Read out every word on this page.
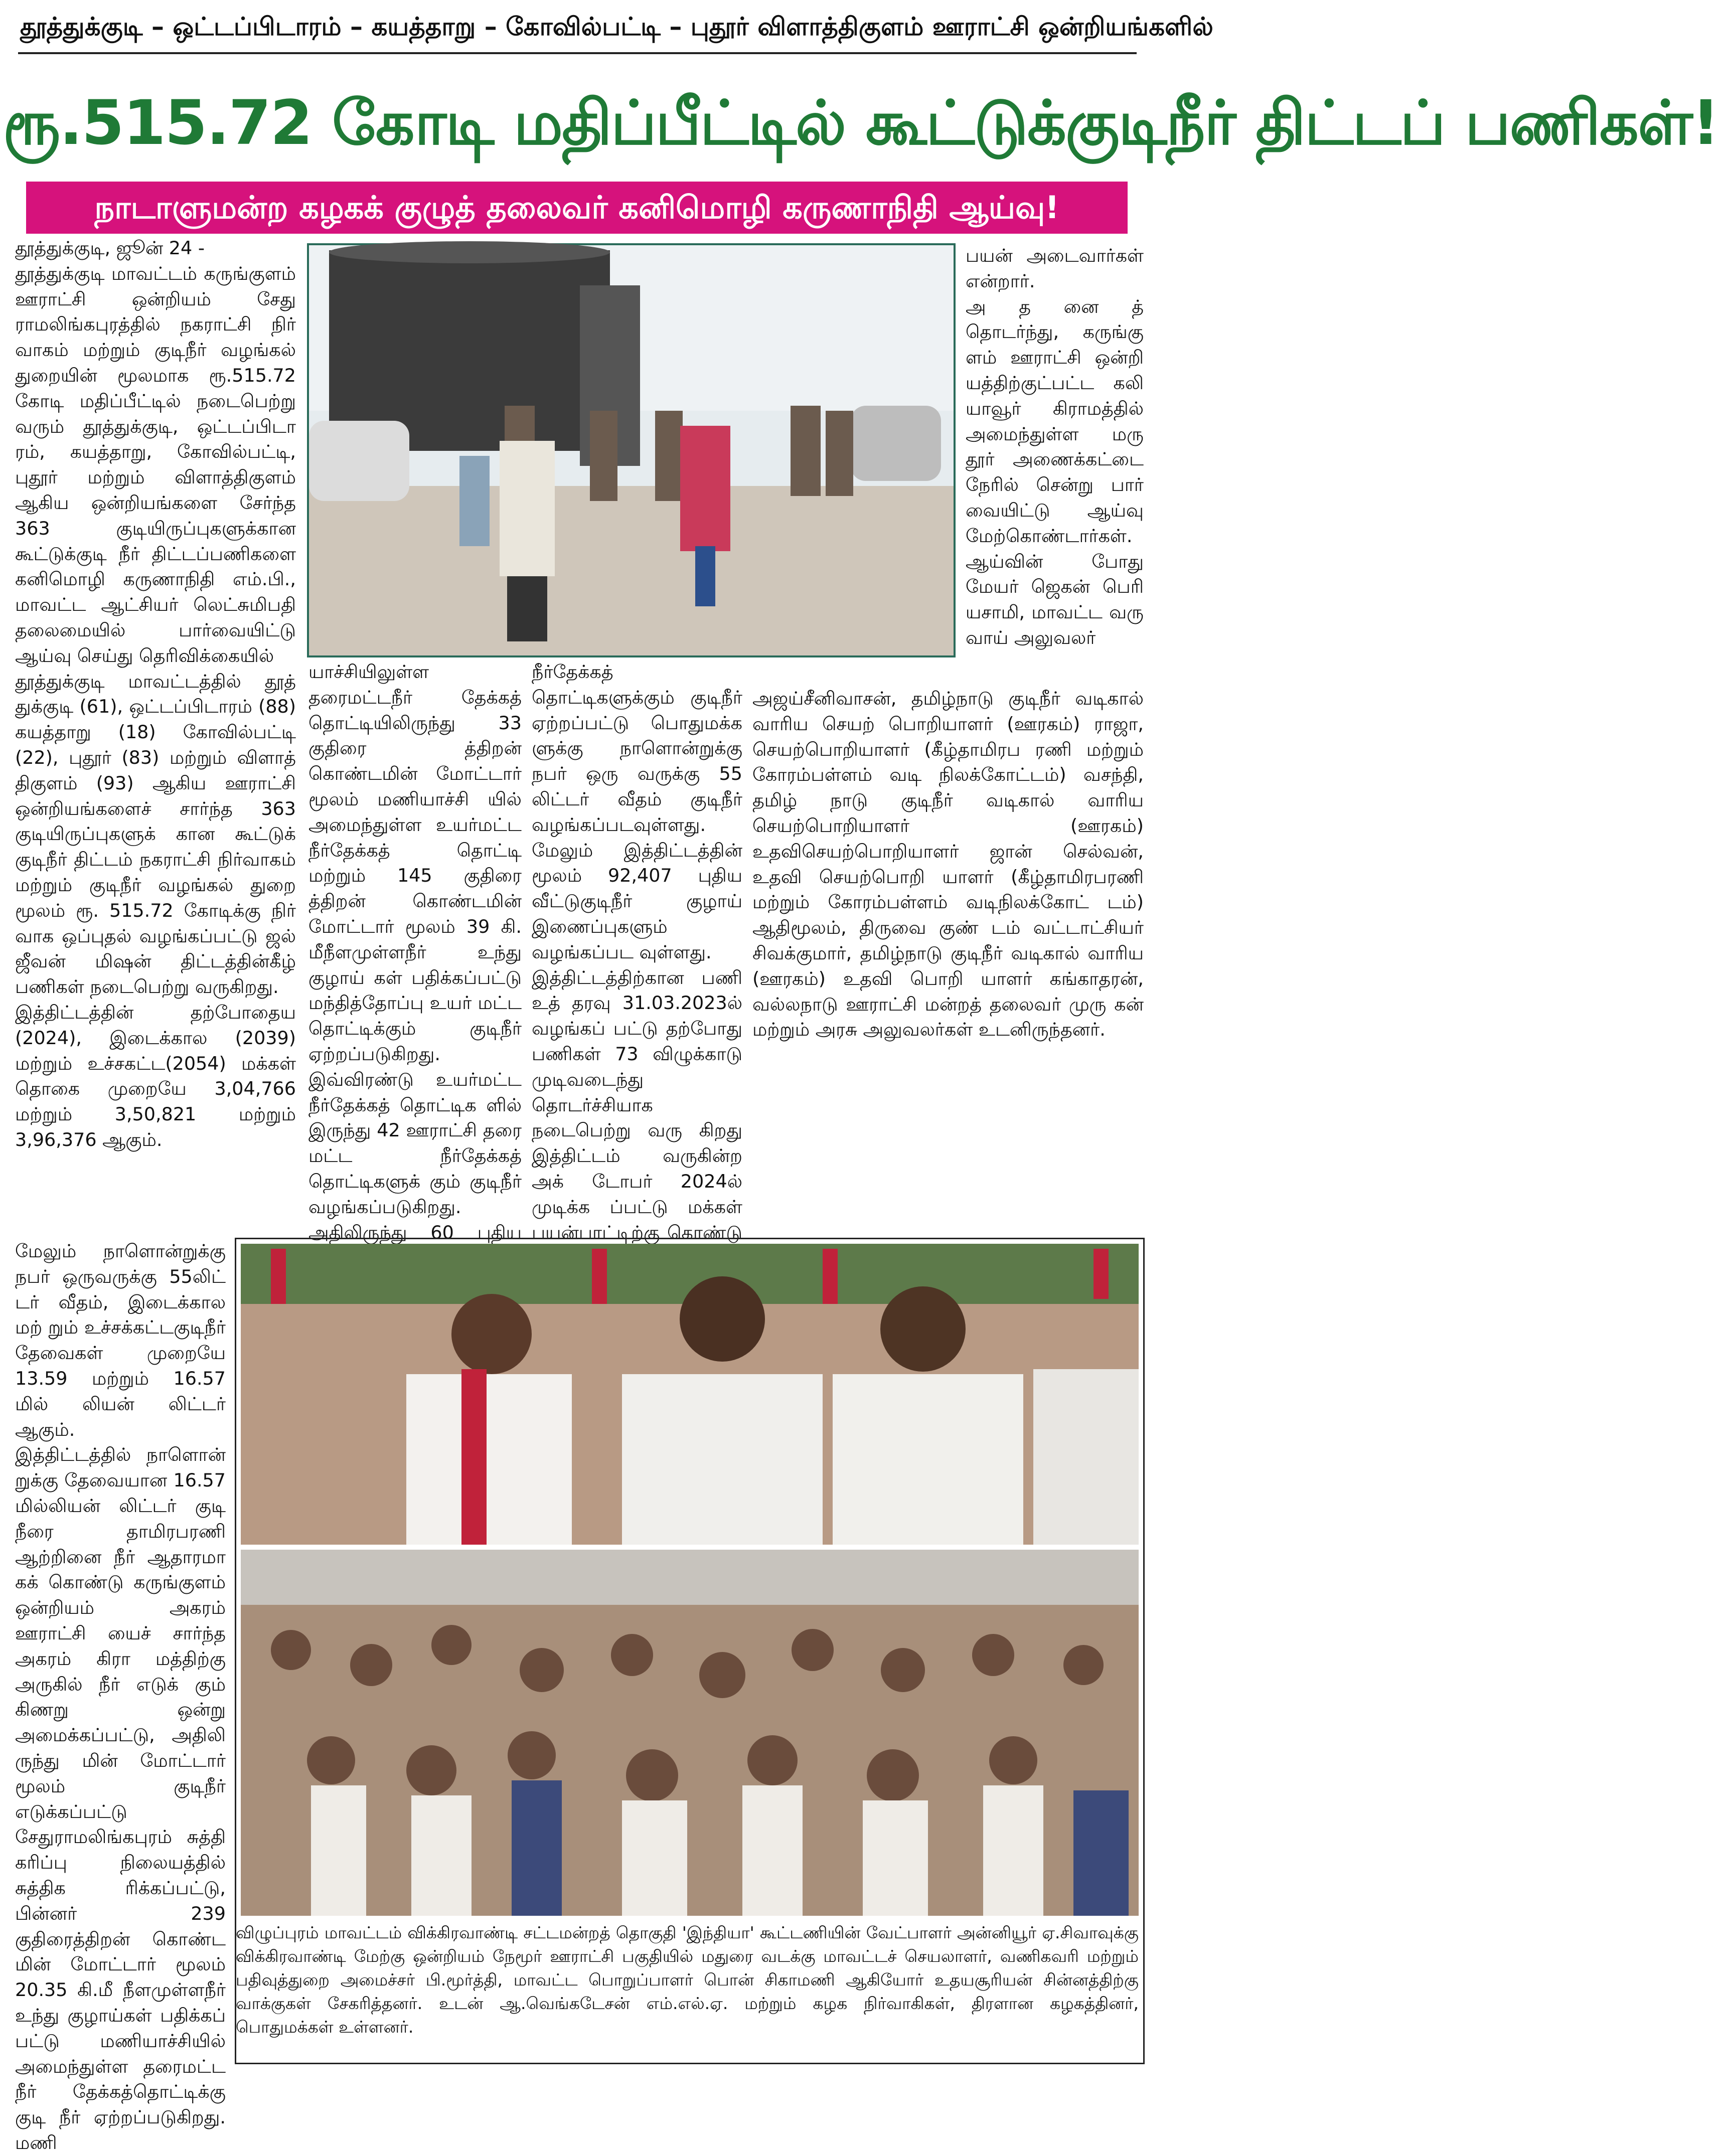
தூத்துக்குடி – ஒட்டப்பிடாரம் – கயத்தாறு – கோவில்பட்டி – புதூர் விளாத்திகுளம் ஊராட்சி ஒன்றியங்களில்
ரூ.515.72 கோடி மதிப்பீட்டில் கூட்டுக்குடிநீர் திட்டப் பணிகள்!
நாடாளுமன்ற கழகக் குழுத் தலைவர் கனிமொழி கருணாநிதி ஆய்வு!

தூத்துக்குடி, ஜூன் 24 -
தூத்துக்குடி மாவட்டம் கருங்குளம் ஊராட்சி ஒன்றியம் சேது ராமலிங்கபுரத்தில் நகராட்சி நிர் வாகம் மற்றும் குடிநீர் வழங்கல் துறையின் மூலமாக ரூ.515.72 கோடி மதிப்பீட்டில் நடைபெற்று வரும் தூத்துக்குடி, ஒட்டப்பிடா ரம், கயத்தாறு, கோவில்பட்டி, புதூர் மற்றும் விளாத்திகுளம் ஆகிய ஒன்றியங்களை சேர்ந்த 363 குடியிருப்புகளுக்கான கூட்டுக்குடி நீர் திட்டப்பணிகளை கனிமொழி கருணாநிதி எம்.பி., மாவட்ட ஆட்சியர் லெட்சுமிபதி தலைமையில் பார்வையிட்டு ஆய்வு செய்து தெரிவிக்கையில்
தூத்துக்குடி மாவட்டத்தில் தூத் துக்குடி (61), ஒட்டப்பிடாரம் (88) கயத்தாறு (18) கோவில்பட்டி (22), புதூர் (83) மற்றும் விளாத் திகுளம் (93) ஆகிய ஊராட்சி ஒன்றியங்களைச் சார்ந்த 363 குடியிருப்புகளுக் கான கூட்டுக் குடிநீர் திட்டம் நகராட்சி நிர்வாகம் மற்றும் குடிநீர் வழங்கல் துறை மூலம் ரூ. 515.72 கோடிக்கு நிர் வாக ஒப்புதல் வழங்கப்பட்டு ஜல் ஜீவன் மிஷன் திட்டத்தின்கீழ் பணிகள் நடைபெற்று வருகிறது.
இத்திட்டத்தின் தற்போதைய (2024), இடைக்கால (2039) மற்றும் உச்சகட்ட(2054) மக்கள் தொகை முறையே 3,04,766 மற்றும் 3,50,821 மற்றும் 3,96,376 ஆகும்.

மேலும் நாளொன்றுக்கு நபர் ஒருவருக்கு 55லிட் டர் வீதம், இடைக்கால மற் றும் உச்சக்கட்டகுடிநீர் தேவைகள் முறையே 13.59 மற்றும் 16.57 மில் லியன் லிட்டர் ஆகும்.
இத்திட்டத்தில் நாளொன் றுக்கு தேவையான 16.57 மில்லியன் லிட்டர் குடி நீரை தாமிரபரணி ஆற்றினை நீர் ஆதாரமா கக் கொண்டு கருங்குளம் ஒன்றியம் அகரம் ஊராட்சி யைச் சார்ந்த அகரம் கிரா மத்திற்கு அருகில் நீர் எடுக் கும் கிணறு ஒன்று அமைக்கப்பட்டு, அதிலி ருந்து மின் மோட்டார் மூலம் குடிநீர் எடுக்கப்பட்டு சேதுராமலிங்கபுரம் சுத்தி கரிப்பு நிலையத்தில் சுத்திக ரிக்கப்பட்டு, பின்னர் 239 குதிரைத்திறன் கொண்ட மின் மோட்டார் மூலம் 20.35 கி.மீ நீளமுள்ளநீர் உந்து குழாய்கள் பதிக்கப் பட்டு மணியாச்சியில் அமைந்துள்ள தரைமட்ட நீர் தேக்கத்தொட்டிக்கு குடி நீர் ஏற்றப்படுகிறது. மணி

யாச்சியிலுள்ள தரைமட்டநீர் தேக்கத் தொட்டியிலிருந்து 33 குதிரை த்திறன் கொண்டமின் மோட்டார் மூலம் மணியாச்சி யில் அமைந்துள்ள உயர்மட்ட நீர்தேக்கத் தொட்டி மற்றும் 145 குதிரை த்திறன் கொண்டமின் மோட்டார் மூலம் 39 கி. மீநீளமுள்ளநீர் உந்து குழாய் கள் பதிக்கப்பட்டு மந்தித்தோப்பு உயர் மட்ட தொட்டிக்கும் குடிநீர் ஏற்றப்படுகிறது. இவ்விரண்டு உயர்மட்ட நீர்தேக்கத் தொட்டிக ளில் இருந்து 42 ஊராட்சி தரை மட்ட நீர்தேக்கத் தொட்டிகளுக் கும் குடிநீர் வழங்கப்படுகிறது. அதிலிருந்து 60 புதிய

நீர்தேக்கத் தொட்டிகளுக்கும் குடிநீர் ஏற்றப்பட்டு பொதுமக்க ளுக்கு நாளொன்றுக்கு நபர் ஒரு வருக்கு 55 லிட்டர் வீதம் குடிநீர் வழங்கப்படவுள்ளது. மேலும் இத்திட்டத்தின் மூலம் 92,407 புதிய வீட்டுகுடிநீர் குழாய் இணைப்புகளும் வழங்கப்பட வுள்ளது.
இத்திட்டத்திற்கான பணி உத் தரவு 31.03.2023ல் வழங்கப் பட்டு தற்போது பணிகள் 73 விழுக்காடு முடிவடைந்து தொடர்ச்சியாக நடைபெற்று வரு கிறது இத்திட்டம் வருகின்ற அக் டோபர் 2024ல் முடிக்க ப்பட்டு மக்கள் பயன்பாட்டிற்கு கொண்டு

பயன் அடைவார்கள் என்றார்.
அ த னை த் தொடர்ந்து, கருங்கு ளம் ஊராட்சி ஒன்றி யத்திற்குட்பட்ட கலி யாவூர் கிராமத்தில் அமைந்துள்ள மரு தூர் அணைக்கட்டை நேரில் சென்று பார் வையிட்டு ஆய்வு மேற்கொண்டார்கள்.
ஆய்வின் போது மேயர் ஜெகன் பெரி யசாமி, மாவட்ட வரு வாய் அலுவலர்

அஜய்சீனிவாசன், தமிழ்நாடு குடிநீர் வடிகால் வாரிய செயற் பொறியாளர் (ஊரகம்) ராஜா, செயற்பொறியாளர் (கீழ்தாமிரப ரணி மற்றும் கோரம்பள்ளம் வடி நிலக்கோட்டம்) வசந்தி, தமிழ் நாடு குடிநீர் வடிகால் வாரிய செயற்பொறியாளர் (ஊரகம்) உதவிசெயற்பொறியாளர் ஜான் செல்வன், உதவி செயற்பொறி யாளர் (கீழ்தாமிரபரணி மற்றும் கோரம்பள்ளம் வடிநிலக்கோட் டம்) ஆதிமூலம், திருவை குண் டம் வட்டாட்சியர் சிவக்குமார், தமிழ்நாடு குடிநீர் வடிகால் வாரிய (ஊரகம்) உதவி பொறி யாளர் கங்காதரன், வல்லநாடு ஊராட்சி மன்றத் தலைவர் முரு கன் மற்றும் அரசு அலுவலர்கள் உடனிருந்தனர்.

விழுப்புரம் மாவட்டம் விக்கிரவாண்டி சட்டமன்றத் தொகுதி 'இந்தியா' கூட்டணியின் வேட்பாளர் அன்னியூர் ஏ.சிவாவுக்கு விக்கிரவாண்டி மேற்கு ஒன்றியம் நேமூர் ஊராட்சி பகுதியில் மதுரை வடக்கு மாவட்டச் செயலாளர், வணிகவரி மற்றும் பதிவுத்துறை அமைச்சர் பி.மூர்த்தி, மாவட்ட பொறுப்பாளர் பொன் சிகாமணி ஆகியோர் உதயசூரியன் சின்னத்திற்கு வாக்குகள் சேகரித்தனர். உடன் ஆ.வெங்கடேசன் எம்.எல்.ஏ. மற்றும் கழக நிர்வாகிகள், திரளான கழகத்தினர், பொதுமக்கள் உள்ளனர்.
